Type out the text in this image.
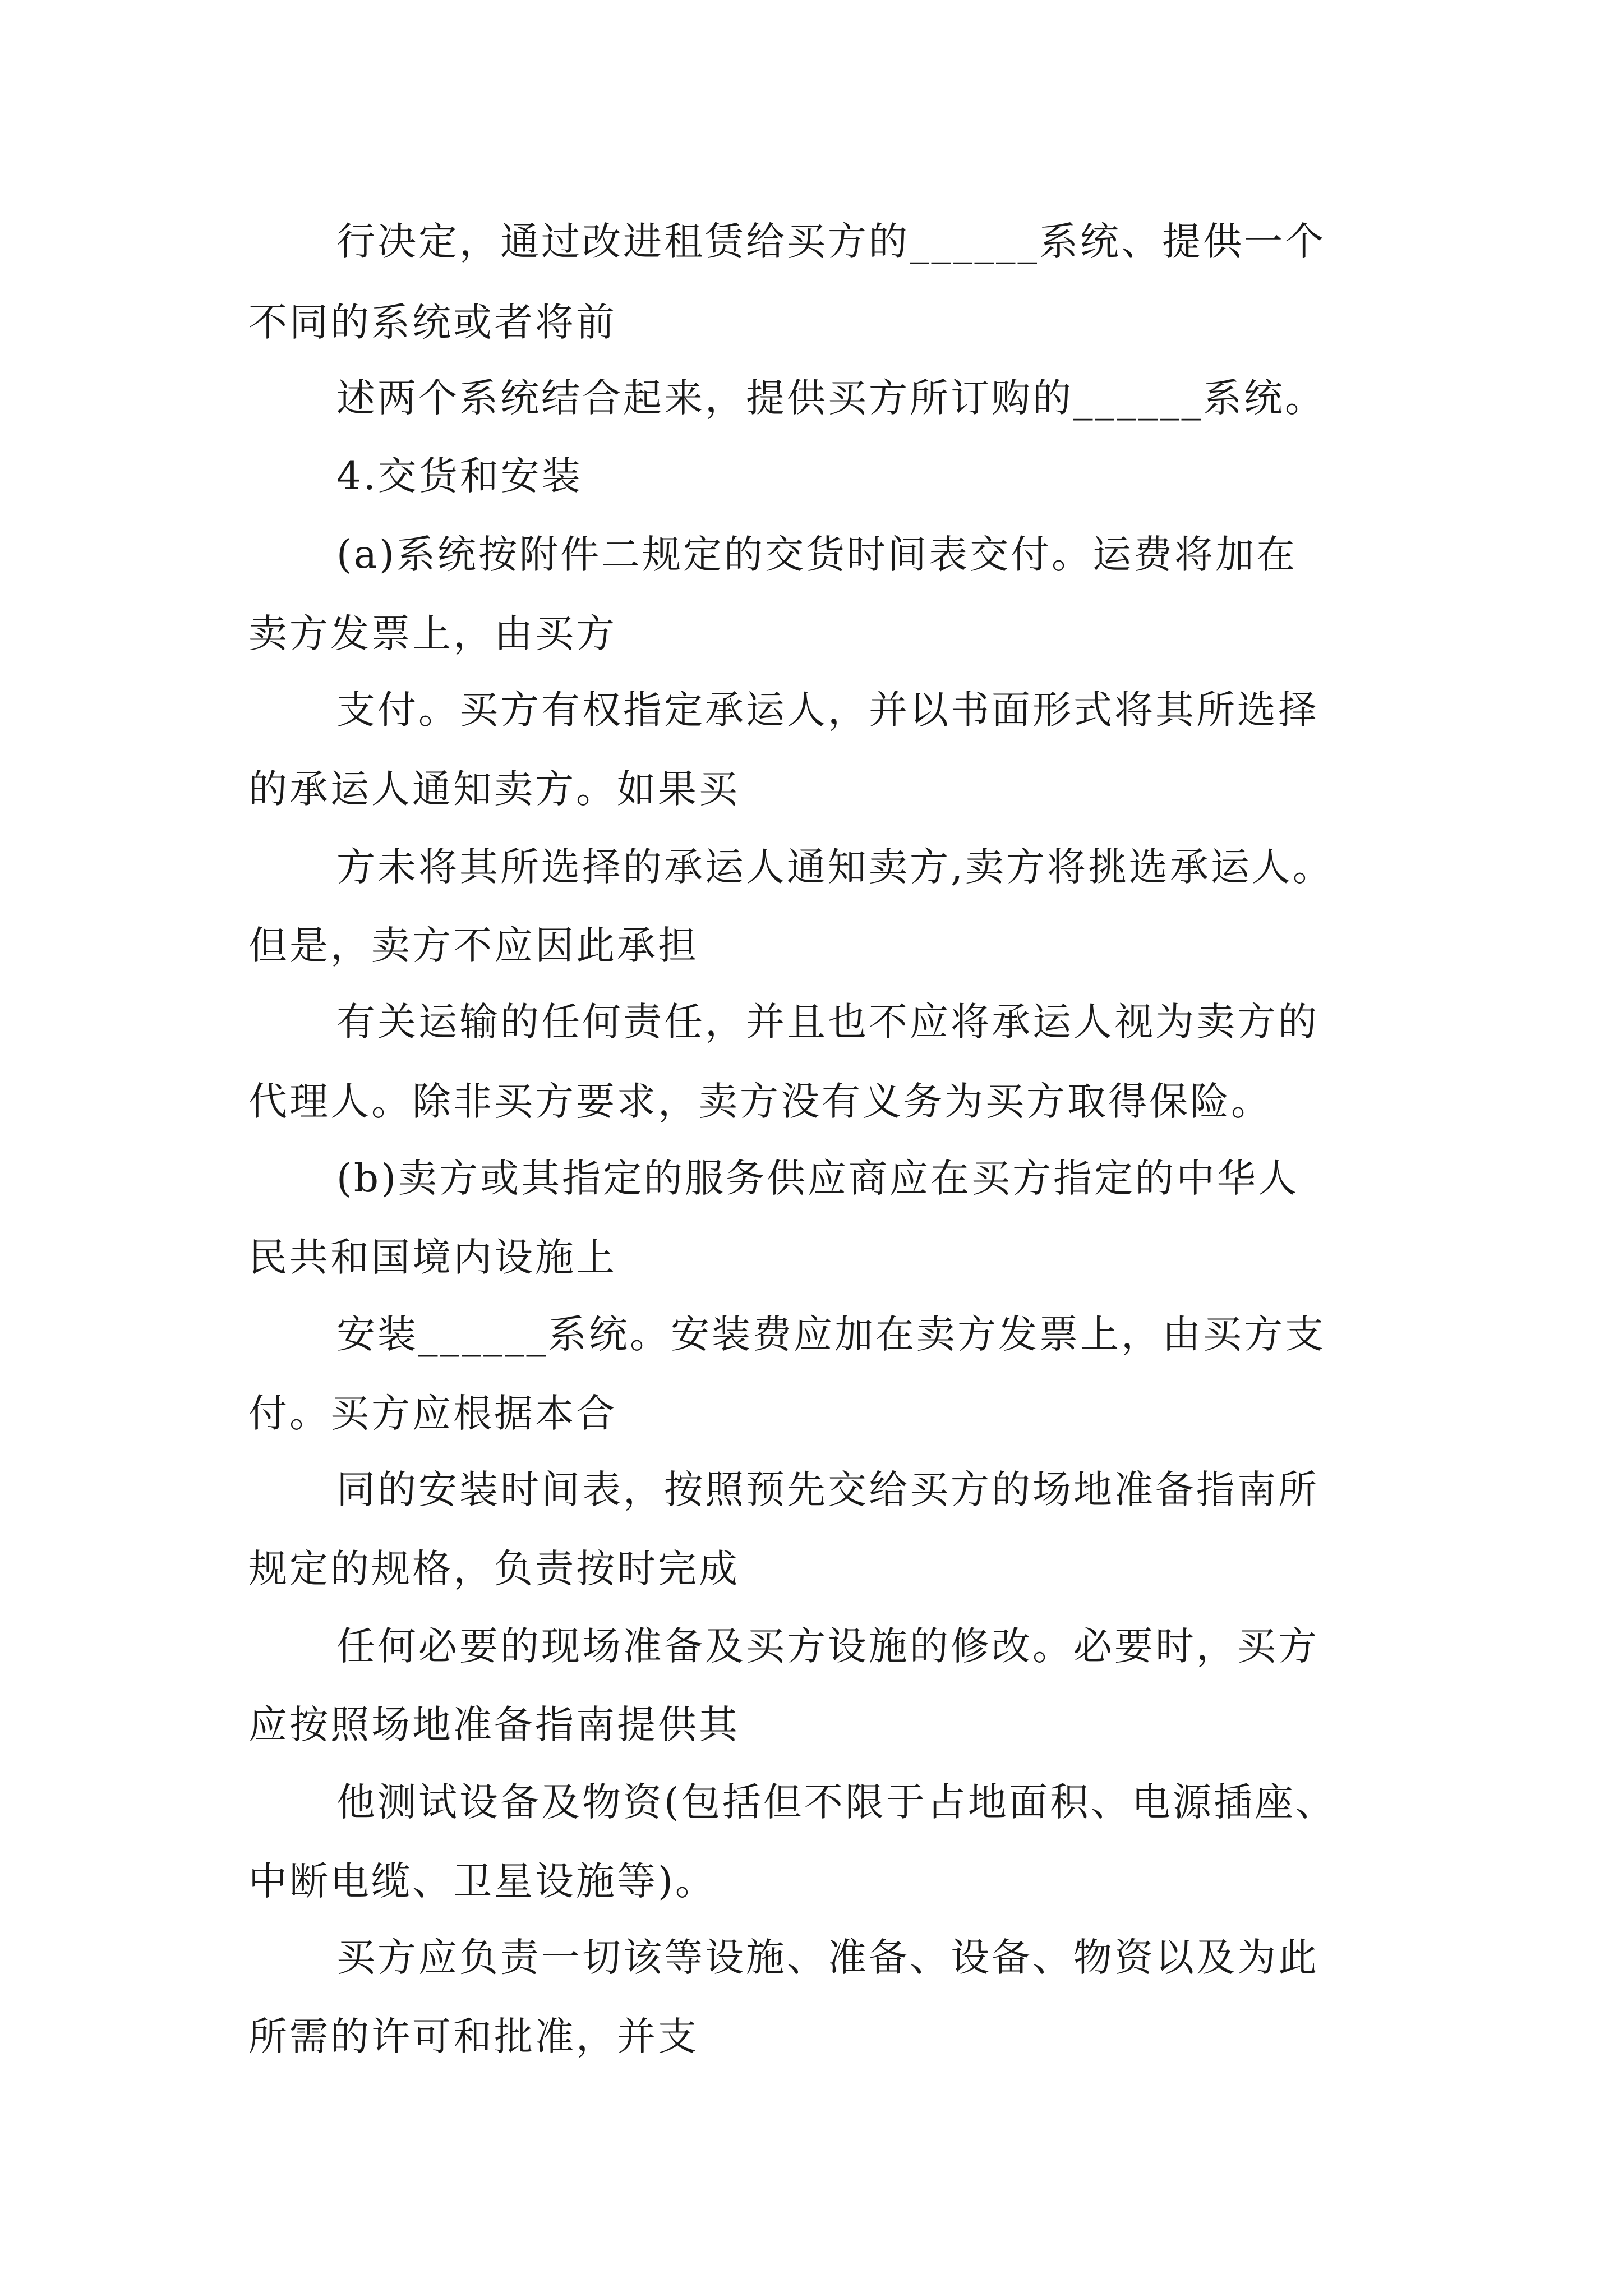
行决定，通过改进租赁给买方的______系统、提供一个

不同的系统或者将前

述两个系统结合起来，提供买方所订购的______系统。

4.交货和安装

(a)系统按附件二规定的交货时间表交付。运费将加在

卖方发票上，由买方

支付。买方有权指定承运人，并以书面形式将其所选择

的承运人通知卖方。如果买

方未将其所选择的承运人通知卖方,卖方将挑选承运人。

但是，卖方不应因此承担

有关运输的任何责任，并且也不应将承运人视为卖方的

代理人。除非买方要求，卖方没有义务为买方取得保险。

(b)卖方或其指定的服务供应商应在买方指定的中华人

民共和国境内设施上

安装______系统。安装费应加在卖方发票上，由买方支

付。买方应根据本合

同的安装时间表，按照预先交给买方的场地准备指南所

规定的规格，负责按时完成

任何必要的现场准备及买方设施的修改。必要时，买方

应按照场地准备指南提供其

他测试设备及物资(包括但不限于占地面积、电源插座、

中断电缆、卫星设施等)。

买方应负责一切该等设施、准备、设备、物资以及为此

所需的许可和批准，并支
